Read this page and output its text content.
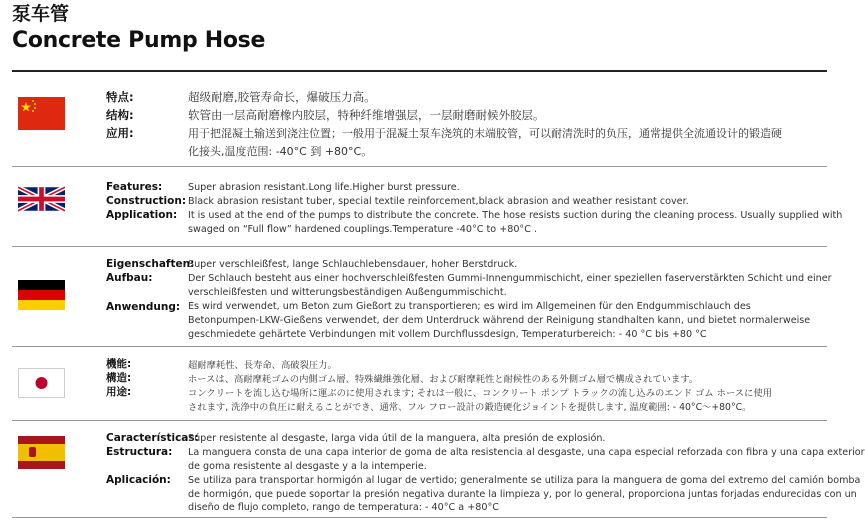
泵车管
Concrete Pump Hose
特点:
结构:
应用:
超级耐磨,胶管寿命长，爆破压力高。
软管由一层高耐磨橡内胶层，特种纤维增强层，一层耐磨耐候外胶层。
用于把混凝土输送到浇注位置；一般用于混凝土泵车浇筑的末端胶管，可以耐清洗时的负压，通常提供全流通设计的锻造硬
化接头,温度范围: -40°C 到 +80°C。
Features:
Construction:
Application:
Super abrasion resistant.Long life.Higher burst pressure.
Black abrasion resistant tuber, special textile reinforcement,black abrasion and weather resistant cover.
It is used at the end of the pumps to distribute the concrete. The hose resists suction during the cleaning process. Usually supplied with
swaged on “Full flow” hardened couplings.Temperature -40°C to +80°C .
Eigenschaften:
Aufbau:
Anwendung:
Super verschleißfest, lange Schlauchlebensdauer, hoher Berstdruck.
Der Schlauch besteht aus einer hochverschleißfesten Gummi-Innengummischicht, einer speziellen faserverstärkten Schicht und einer
verschleißfesten und witterungsbeständigen Außengummischicht.
Es wird verwendet, um Beton zum Gießort zu transportieren; es wird im Allgemeinen für den Endgummischlauch des
Betonpumpen-LKW-Gießens verwendet, der dem Unterdruck während der Reinigung standhalten kann, und bietet normalerweise
geschmiedete gehärtete Verbindungen mit vollem Durchflussdesign, Temperaturbereich: - 40 °C bis +80 °C
機能:
構造:
用途:
超耐摩耗性、長寿命、高破裂圧力。
ホースは、高耐摩耗ゴムの内側ゴム層、特殊繊維強化層、および耐摩耗性と耐候性のある外側ゴム層で構成されています。
コンクリートを流し込む場所に運ぶのに使用されます; それは一般に、コンクリート ポンプ トラックの流し込みのエンド ゴム ホースに使用
されます, 洗浄中の負圧に耐えることができ、通常、フル フロー設計の鍛造硬化ジョイントを提供します, 温度範囲: - 40°C～+80°C。
Características:
Estructura:
Aplicación:
Súper resistente al desgaste, larga vida útil de la manguera, alta presión de explosión.
La manguera consta de una capa interior de goma de alta resistencia al desgaste, una capa especial reforzada con fibra y una capa exterior
de goma resistente al desgaste y a la intemperie.
Se utiliza para transportar hormigón al lugar de vertido; generalmente se utiliza para la manguera de goma del extremo del camión bomba
de hormigón, que puede soportar la presión negativa durante la limpieza y, por lo general, proporciona juntas forjadas endurecidas con un
diseño de flujo completo, rango de temperatura: - 40°C a +80°C
